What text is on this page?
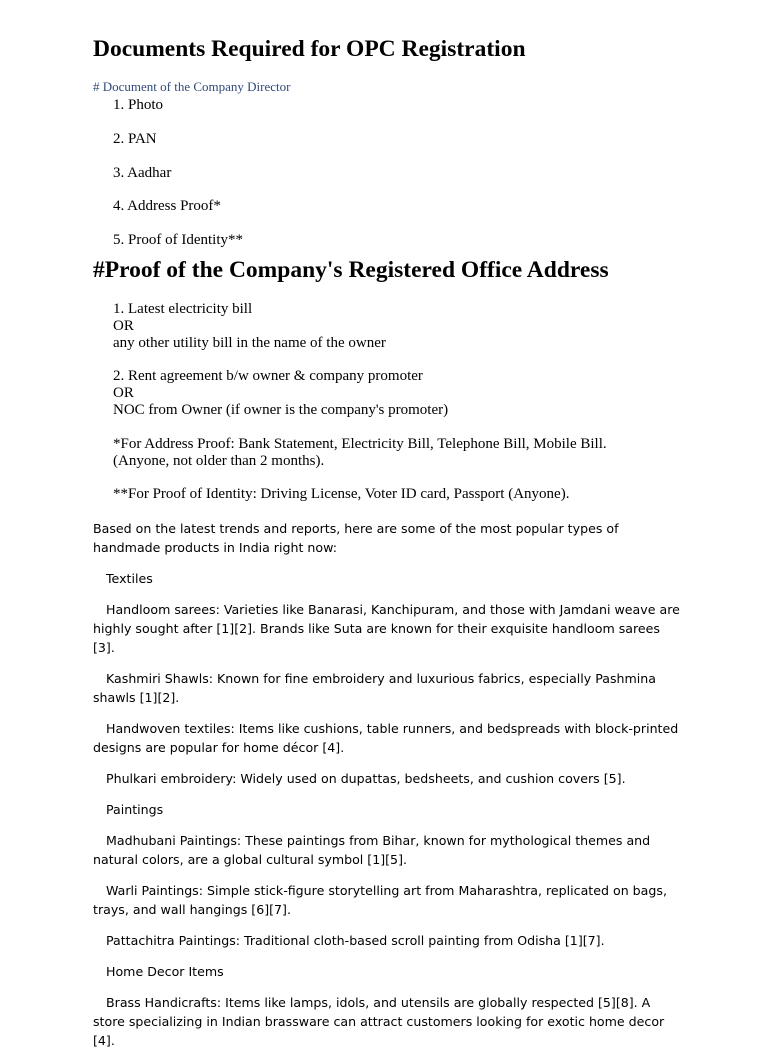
Documents Required for OPC Registration
# Document of the Company Director
1. Photo
2. PAN
3. Aadhar
4. Address Proof*
5. Proof of Identity**
#Proof of the Company's Registered Office Address
1. Latest electricity bill
OR
any other utility bill in the name of the owner
2. Rent agreement b/w owner & company promoter
OR
NOC from Owner (if owner is the company's promoter)
*For Address Proof: Bank Statement, Electricity Bill, Telephone Bill, Mobile Bill.
(Anyone, not older than 2 months).
**For Proof of Identity: Driving License, Voter ID card, Passport (Anyone).

Based on the latest trends and reports, here are some of the most popular types of handmade products in India right now:

Textiles

Handloom sarees: Varieties like Banarasi, Kanchipuram, and those with Jamdani weave are highly sought after [1][2]. Brands like Suta are known for their exquisite handloom sarees [3].

Kashmiri Shawls: Known for fine embroidery and luxurious fabrics, especially Pashmina shawls [1][2].

Handwoven textiles: Items like cushions, table runners, and bedspreads with block-printed designs are popular for home décor [4].

Phulkari embroidery: Widely used on dupattas, bedsheets, and cushion covers [5].

Paintings

Madhubani Paintings: These paintings from Bihar, known for mythological themes and natural colors, are a global cultural symbol [1][5].

Warli Paintings: Simple stick-figure storytelling art from Maharashtra, replicated on bags, trays, and wall hangings [6][7].

Pattachitra Paintings: Traditional cloth-based scroll painting from Odisha [1][7].

Home Decor Items

Brass Handicrafts: Items like lamps, idols, and utensils are globally respected [5][8]. A store specializing in Indian brassware can attract customers looking for exotic home decor [4].
